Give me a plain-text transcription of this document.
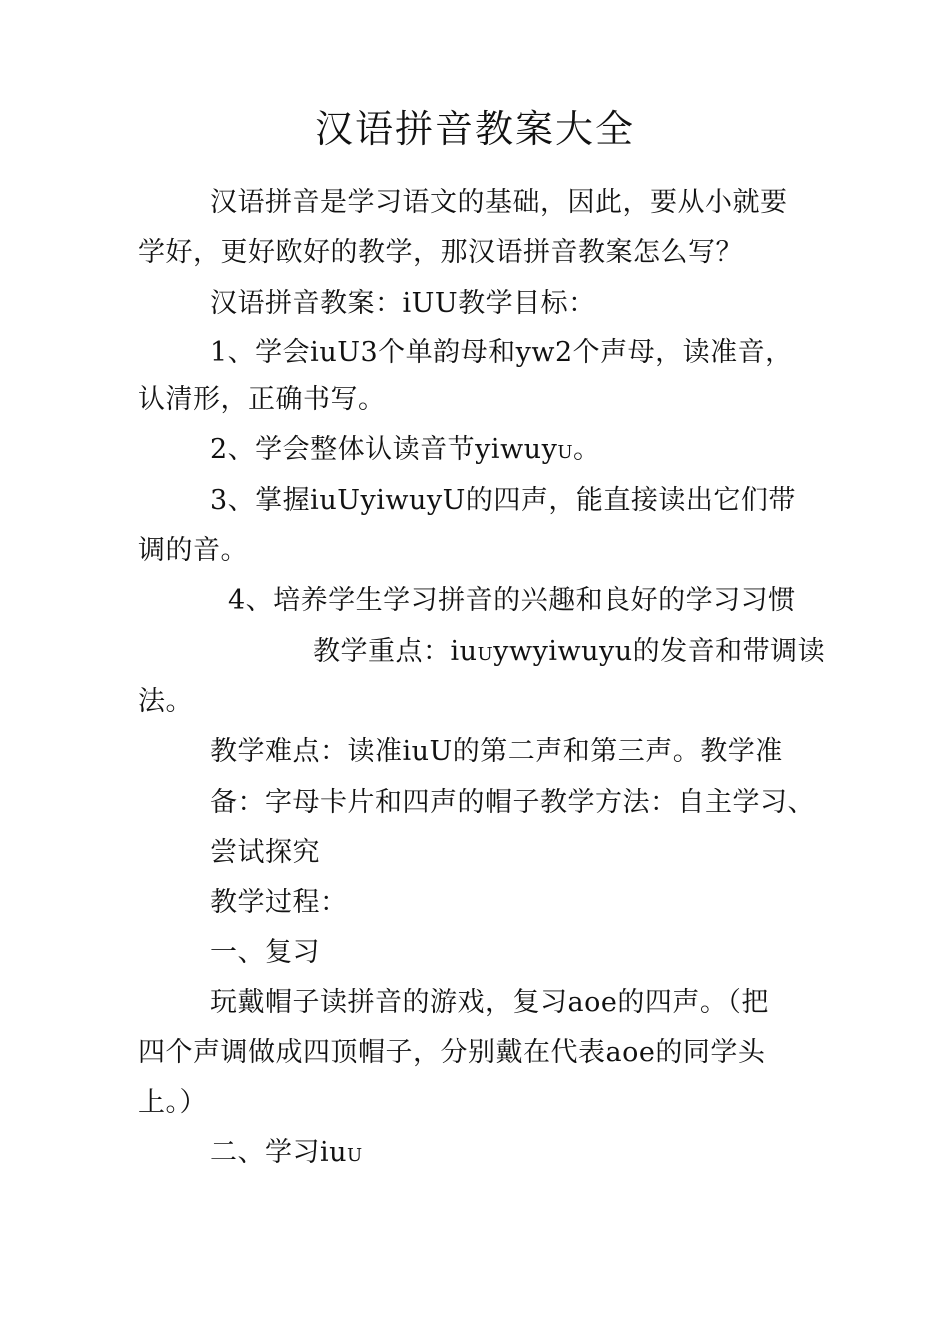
汉语拼音教案大全
汉语拼音是学习语文的基础，因此，要从小就要
学好，更好欧好的教学，那汉语拼音教案怎么写？
汉语拼音教案：iUU教学目标：
1、学会iuU3个单韵母和yw2个声母，读准音，
认清形，正确书写。
2、学会整体认读音节yiwuyU。
3、掌握iuUyiwuyU的四声，能直接读出它们带
调的音。
4、培养学生学习拼音的兴趣和良好的学习习惯
教学重点：iuUywyiwuyu的发音和带调读
法。
教学难点：读准iuU的第二声和第三声。教学准
备：字母卡片和四声的帽子教学方法：自主学习、
尝试探究
教学过程：
一、复习
玩戴帽子读拼音的游戏，复习aoe的四声。（把
四个声调做成四顶帽子，分别戴在代表aoe的同学头
上。）
二、学习iuU
